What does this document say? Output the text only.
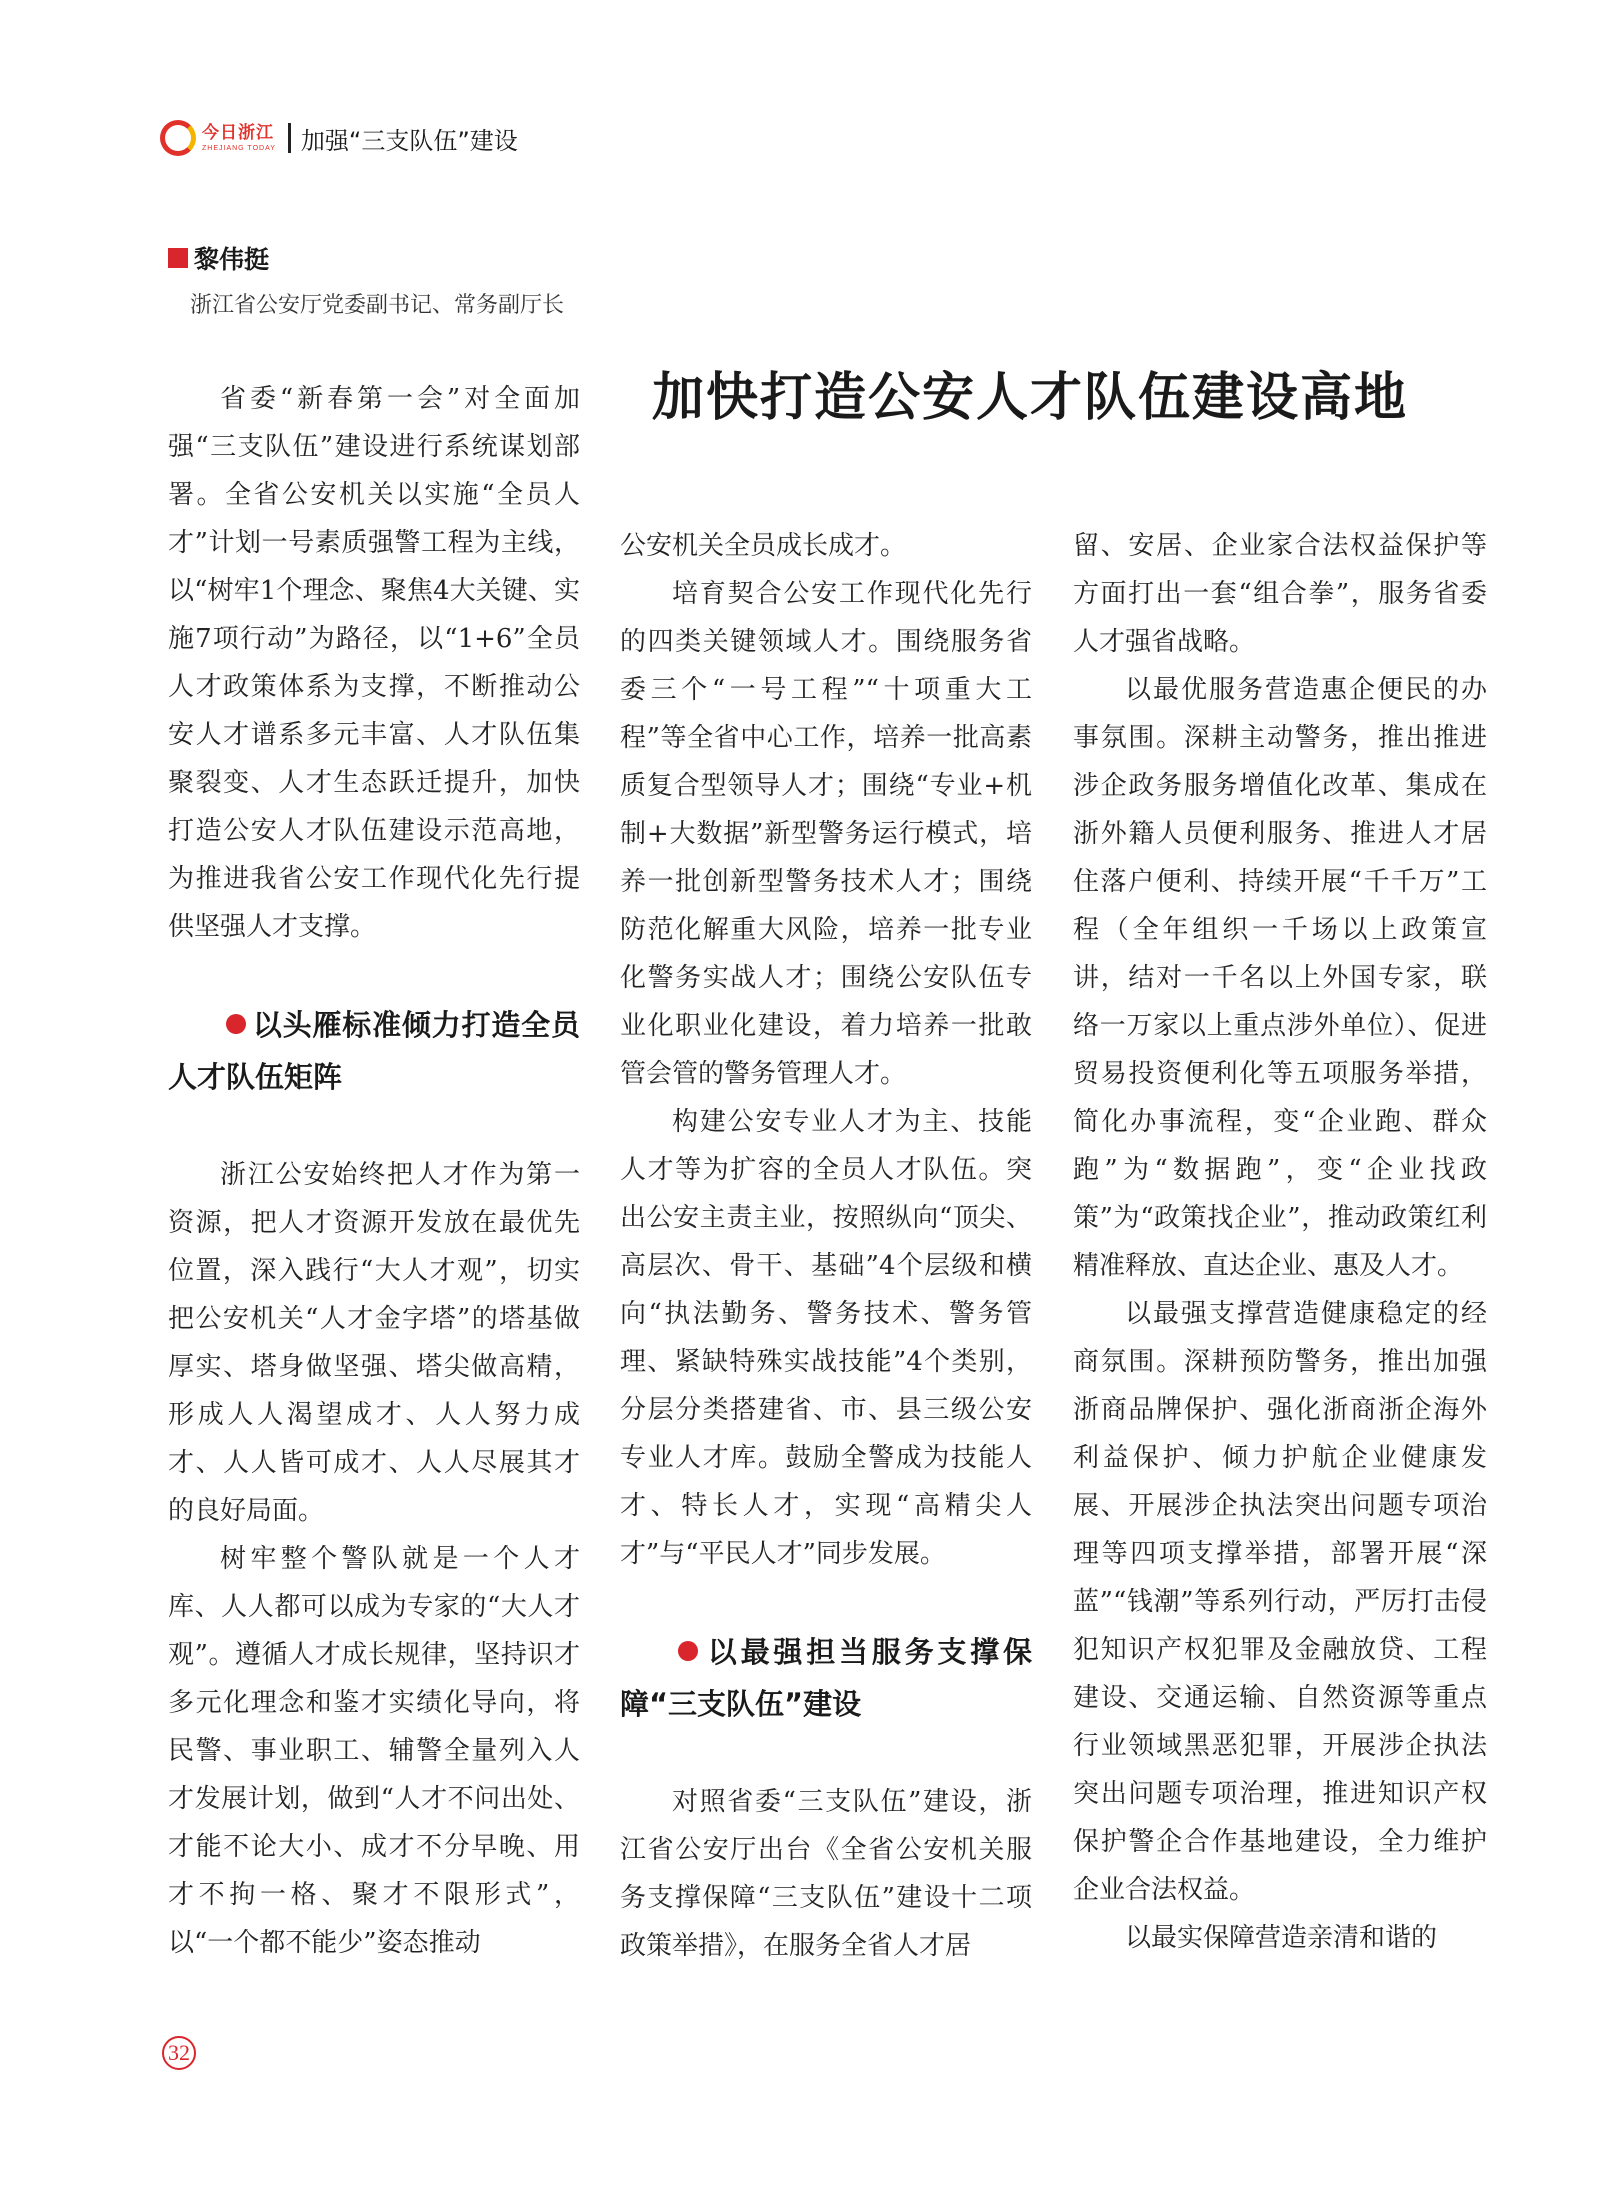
今日浙江
ZHEJIANG TODAY 加强“三支队伍”建设
黎伟挺
浙江省公安厅党委副书记、常务副厅长
加快打造公安人才队伍建设高地

省委“新春第一会”对全面加强“三支队伍”建设进行系统谋划部署。全省公安机关以实施“全员人才”计划一号素质强警工程为主线，以“树牢1个理念、聚焦4大关键、实施7项行动”为路径，以“1+6”全员人才政策体系为支撑，不断推动公安人才谱系多元丰富、人才队伍集聚裂变、人才生态跃迁提升，加快打造公安人才队伍建设示范高地，为推进我省公安工作现代化先行提供坚强人才支撑。

以头雁标准倾力打造全员人才队伍矩阵

浙江公安始终把人才作为第一资源，把人才资源开发放在最优先位置，深入践行“大人才观”，切实把公安机关“人才金字塔”的塔基做厚实、塔身做坚强、塔尖做高精，形成人人渴望成才、人人努力成才、人人皆可成才、人人尽展其才的良好局面。

树牢整个警队就是一个人才库、人人都可以成为专家的“大人才观”。遵循人才成长规律，坚持识才多元化理念和鉴才实绩化导向，将民警、事业职工、辅警全量列入人才发展计划，做到“人才不问出处、才能不论大小、成才不分早晚、用才不拘一格、聚才不限形式”，以“一个都不能少”姿态推动

公安机关全员成长成才。

培育契合公安工作现代化先行的四类关键领域人才。围绕服务省委三个“一号工程”“十项重大工程”等全省中心工作，培养一批高素质复合型领导人才；围绕“专业+机制+大数据”新型警务运行模式，培养一批创新型警务技术人才；围绕防范化解重大风险，培养一批专业化警务实战人才；围绕公安队伍专业化职业化建设，着力培养一批敢管会管的警务管理人才。

构建公安专业人才为主、技能人才等为扩容的全员人才队伍。突出公安主责主业，按照纵向“顶尖、高层次、骨干、基础”4个层级和横向“执法勤务、警务技术、警务管理、紧缺特殊实战技能”4个类别，分层分类搭建省、市、县三级公安专业人才库。鼓励全警成为技能人才、特长人才，实现“高精尖人才”与“平民人才”同步发展。

以最强担当服务支撑保障“三支队伍”建设

对照省委“三支队伍”建设，浙江省公安厅出台《全省公安机关服务支撑保障“三支队伍”建设十二项政策举措》，在服务全省人才居

留、安居、企业家合法权益保护等方面打出一套“组合拳”，服务省委人才强省战略。

以最优服务营造惠企便民的办事氛围。深耕主动警务，推出推进涉企政务服务增值化改革、集成在浙外籍人员便利服务、推进人才居住落户便利、持续开展“千千万”工程（全年组织一千场以上政策宣讲，结对一千名以上外国专家，联络一万家以上重点涉外单位）、促进贸易投资便利化等五项服务举措，简化办事流程，变“企业跑、群众跑”为“数据跑”，变“企业找政策”为“政策找企业”，推动政策红利精准释放、直达企业、惠及人才。

以最强支撑营造健康稳定的经商氛围。深耕预防警务，推出加强浙商品牌保护、强化浙商浙企海外利益保护、倾力护航企业健康发展、开展涉企执法突出问题专项治理等四项支撑举措，部署开展“深蓝”“钱潮”等系列行动，严厉打击侵犯知识产权犯罪及金融放贷、工程建设、交通运输、自然资源等重点行业领域黑恶犯罪，开展涉企执法突出问题专项治理，推进知识产权保护警企合作基地建设，全力维护企业合法权益。

以最实保障营造亲清和谐的

32
